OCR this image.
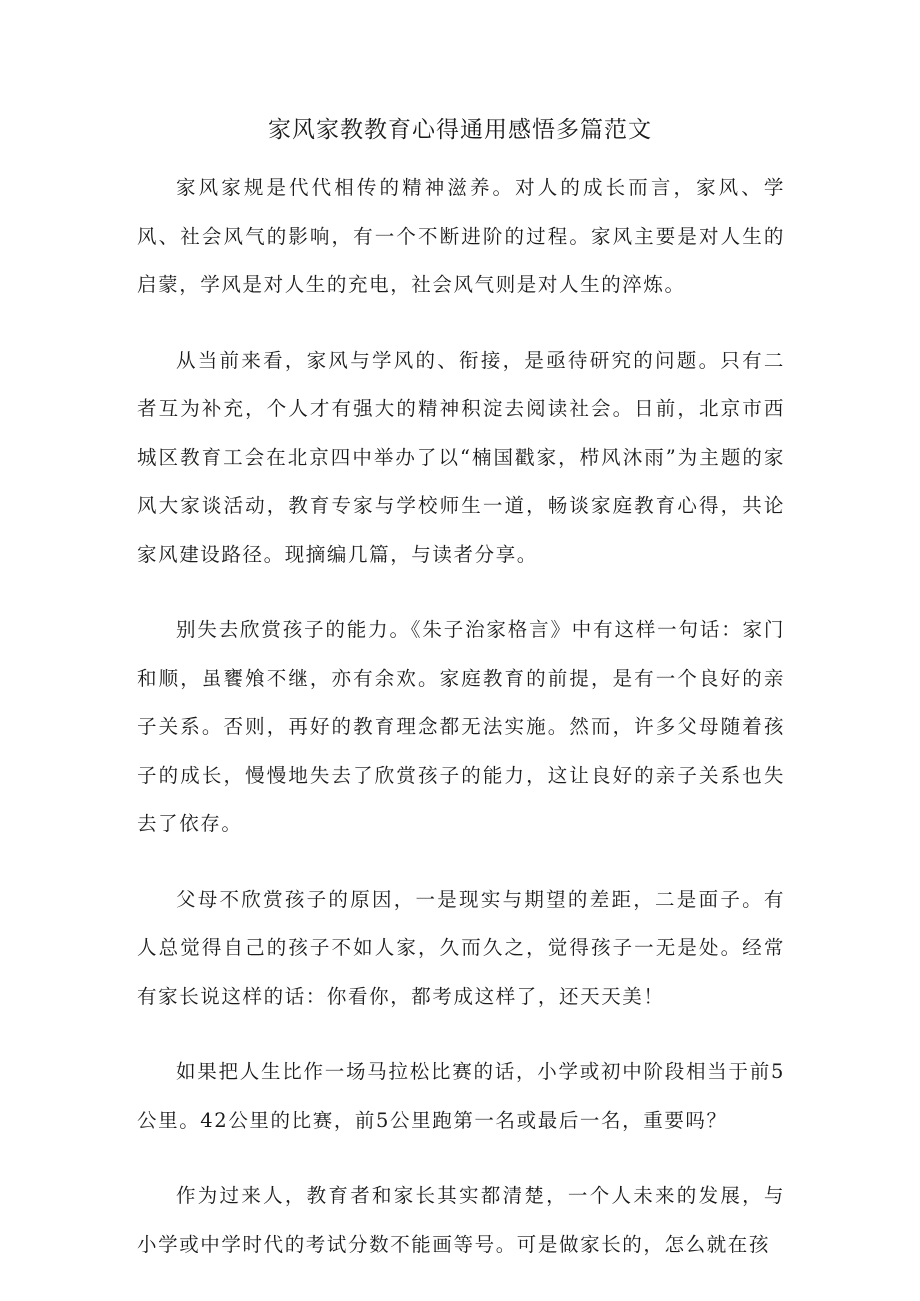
家风家教教育心得通用感悟多篇范文

家风家规是代代相传的精神滋养。对人的成长而言，家风、学风、社会风气的影响，有一个不断进阶的过程。家风主要是对人生的启蒙，学风是对人生的充电，社会风气则是对人生的淬炼。

从当前来看，家风与学风的、衔接，是亟待研究的问题。只有二者互为补充，个人才有强大的精神积淀去阅读社会。日前，北京市西城区教育工会在北京四中举办了以“楠国戳家，栉风沐雨”为主题的家风大家谈活动，教育专家与学校师生一道，畅谈家庭教育心得，共论家风建设路径。现摘编几篇，与读者分享。

别失去欣赏孩子的能力。《朱子治家格言》中有这样一句话：家门和顺，虽饔飧不继，亦有余欢。家庭教育的前提，是有一个良好的亲子关系。否则，再好的教育理念都无法实施。然而，许多父母随着孩子的成长，慢慢地失去了欣赏孩子的能力，这让良好的亲子关系也失去了依存。

父母不欣赏孩子的原因，一是现实与期望的差距，二是面子。有人总觉得自己的孩子不如人家，久而久之，觉得孩子一无是处。经常有家长说这样的话：你看你，都考成这样了，还天天美！

如果把人生比作一场马拉松比赛的话，小学或初中阶段相当于前5公里。42公里的比赛，前5公里跑第一名或最后一名，重要吗？

作为过来人，教育者和家长其实都清楚，一个人未来的发展，与小学或中学时代的考试分数不能画等号。可是做家长的，怎么就在孩
